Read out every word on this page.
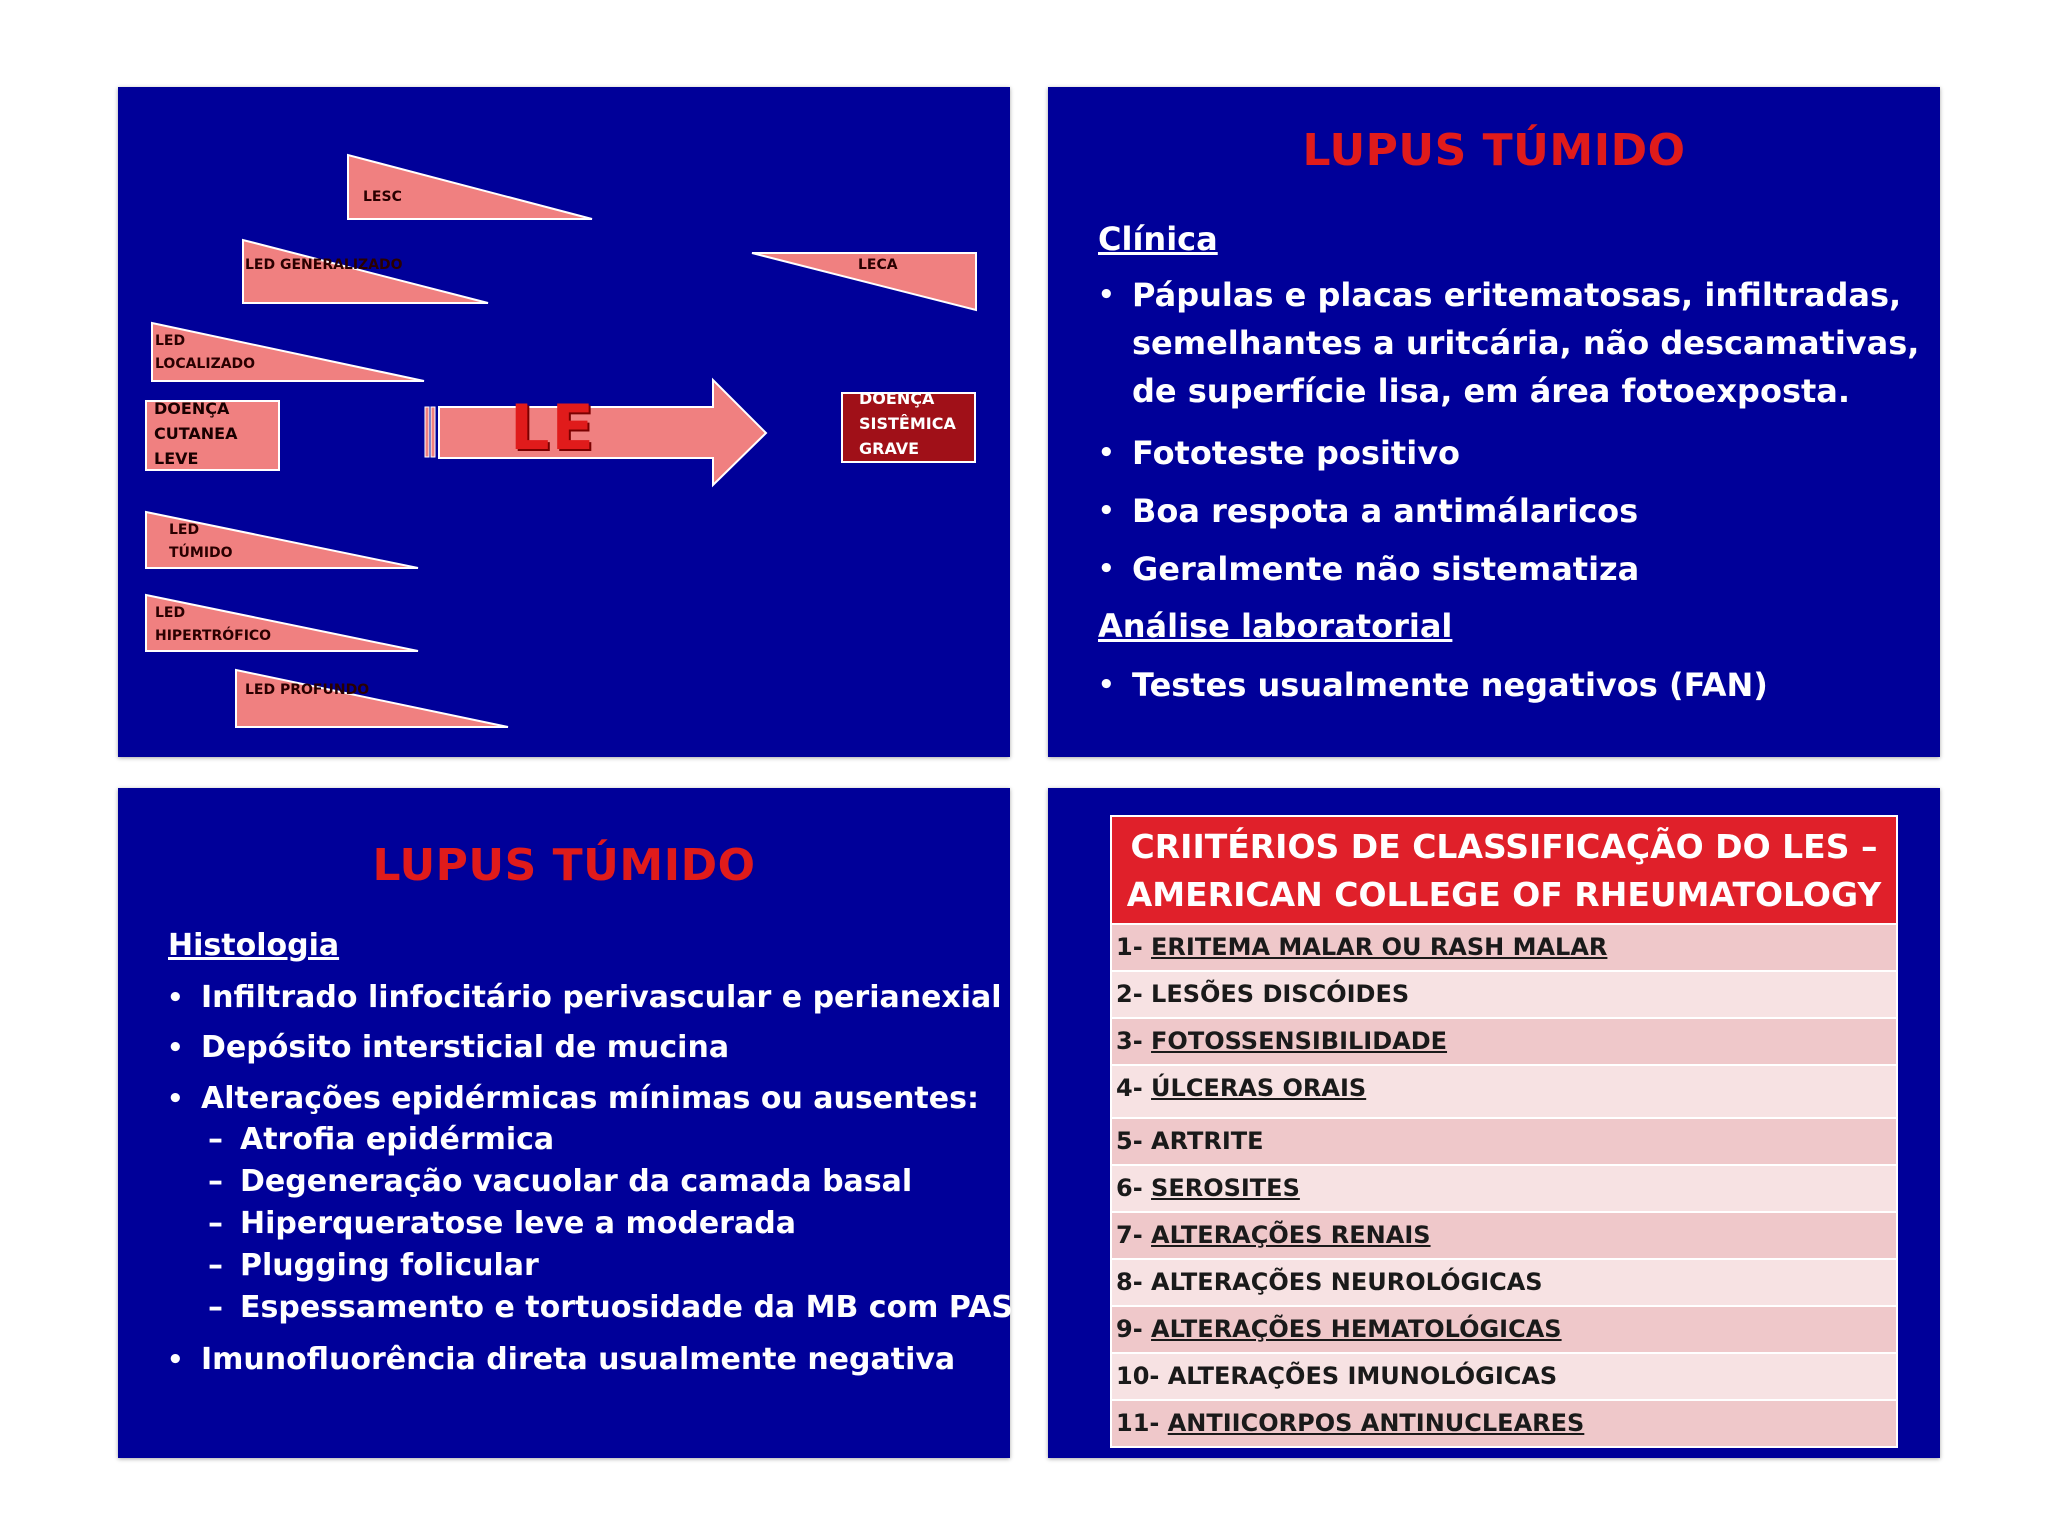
LESC
LED GENERALIZADO
LED
LOCALIZADO
DOENÇA
CUTANEA
LEVE
LED
TÚMIDO
LED
HIPERTRÓFICO
LED PROFUNDO
LECA
DOENÇA
SISTÊMICA
GRAVE
LE
LUPUS TÚMIDO
Clínica
• Pápulas e placas eritematosas, infiltradas, semelhantes a uritcária, não descamativas, de superfície lisa, em área fotoexposta.
• Fototeste positivo
• Boa respota a antimálaricos
• Geralmente não sistematiza
Análise laboratorial
• Testes usualmente negativos (FAN)
LUPUS TÚMIDO
Histologia
• Infiltrado linfocitário perivascular e perianexial
• Depósito intersticial de mucina
• Alterações epidérmicas mínimas ou ausentes:
– Atrofia epidérmica
– Degeneração vacuolar da camada basal
– Hiperqueratose leve a moderada
– Plugging folicular
– Espessamento e tortuosidade da MB com PAS
• Imunofluorência direta usualmente negativa
CRIITÉRIOS DE CLASSIFICAÇÃO DO LES –
AMERICAN COLLEGE OF RHEUMATOLOGY
1- ERITEMA MALAR OU RASH MALAR
2- LESÕES DISCÓIDES
3- FOTOSSENSIBILIDADE
4- ÚLCERAS ORAIS
5- ARTRITE
6- SEROSITES
7- ALTERAÇÕES RENAIS
8- ALTERAÇÕES NEUROLÓGICAS
9- ALTERAÇÕES HEMATOLÓGICAS
10- ALTERAÇÕES IMUNOLÓGICAS
11- ANTIICORPOS ANTINUCLEARES
